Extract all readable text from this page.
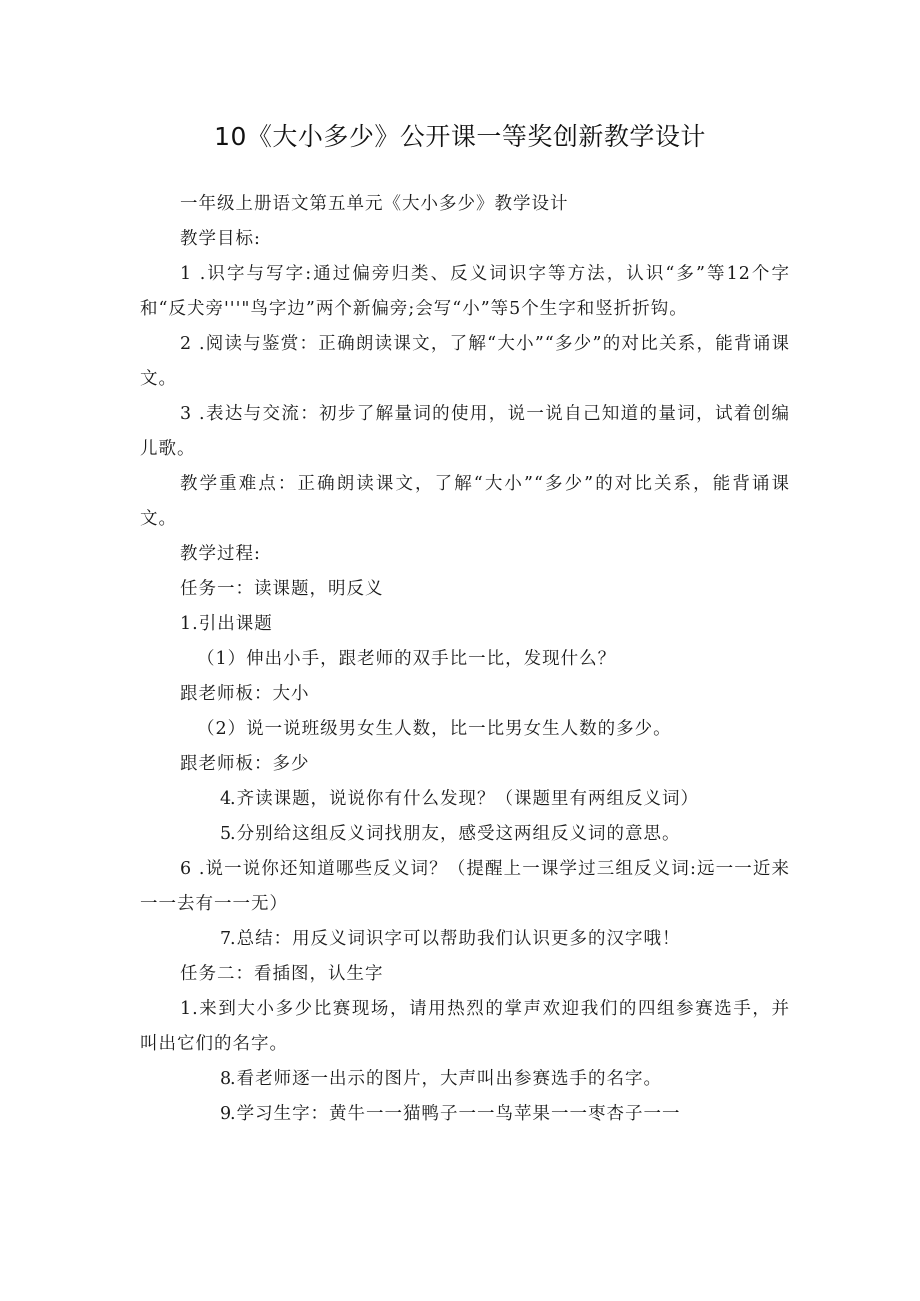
10《大小多少》公开课一等奖创新教学设计

一年级上册语文第五单元《大小多少》教学设计

教学目标:

1 .识字与写字:通过偏旁归类、反义词识字等方法，认识“多”等12个字和“反犬旁'''"鸟字边”两个新偏旁;会写“小”等5个生字和竖折折钩。

2 .阅读与鉴赏：正确朗读课文，了解“大小”“多少”的对比关系，能背诵课文。

3 .表达与交流：初步了解量词的使用，说一说自己知道的量词，试着创编儿歌。

教学重难点：正确朗读课文，了解“大小”“多少”的对比关系，能背诵课文。

教学过程:

任务一：读课题，明反义

1.引出课题

（1）伸出小手，跟老师的双手比一比，发现什么？

跟老师板：大小

（2）说一说班级男女生人数，比一比男女生人数的多少。

跟老师板：多少

4.齐读课题，说说你有什么发现？（课题里有两组反义词）

5.分别给这组反义词找朋友，感受这两组反义词的意思。

6 .说一说你还知道哪些反义词？（提醒上一课学过三组反义词:远一一近来一一去有一一无）

7.总结：用反义词识字可以帮助我们认识更多的汉字哦！

任务二：看插图，认生字

1.来到大小多少比赛现场，请用热烈的掌声欢迎我们的四组参赛选手，并叫出它们的名字。

8.看老师逐一出示的图片，大声叫出参赛选手的名字。

9.学习生字：黄牛一一猫鸭子一一鸟苹果一一枣杏子一一
